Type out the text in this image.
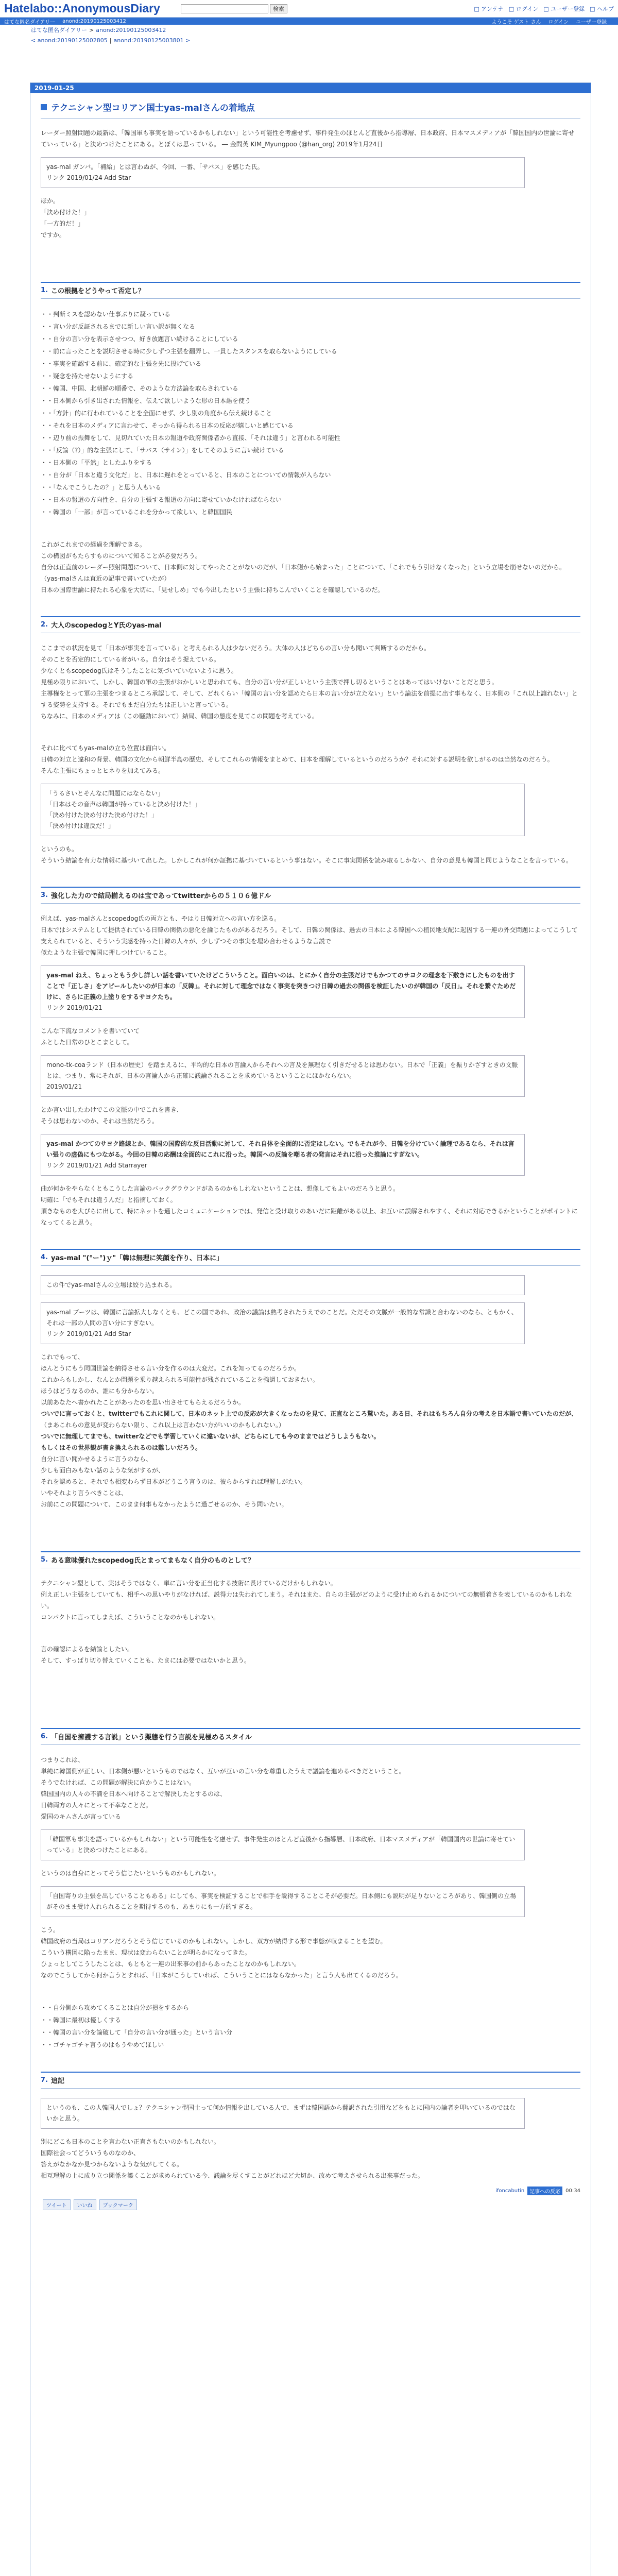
Hatelabo::AnonymousDiary	検索	□ アンテナ □ ログイン □ ユーザー登録 □ ヘルプ
はてな匿名ダイアリー anond:20190125003412	ようこそ ゲスト さん ログイン ユーザー登録
はてな匿名ダイアリー > anond:20190125003412
< anond:20190125002805 | anond:20190125003801 >
2019-01-25
テクニシャン型コリアン国士yas-malさんの着地点
レーダー照射問題の最新は、「韓国軍も事実を語っているかもしれない」という可能性を考慮せず、事件発生のほとんど直後から指導層、日本政府、日本マスメディアが「韓国国内の世論に寄せていっている」と決めつけたことにある。とぼくは思っている。 ― 金間英 KIM_Myungpoo (@han_org) 2019年1月24日
yas-mal ガンバ。「補給」とは言わぬが、今回、一番、「サバス」を感じた氏。
リンク 2019/01/24 Add Star
ほか。
「決め付けた！」
「一方的だ！」
ですか。
1. この根拠をどうやって否定し？
・ ・判断ミスを認めない仕事ぶりに凝っている
・ ・言い分が反証されるまでに新しい言い訳が無くなる
・ ・自分の言い分を表示させつつ、好き放題言い続けることにしている
・ ・前に言ったことを説明させる時に少しずつ主張を翻弄し、一貫したスタンスを取らないようにしている
・ ・事実を確認する前に、確定的な主張を先に投げている
・ ・疑念を持たせないようにする
・ ・韓国、中国、北朝鮮の順番で、そのような方法論を取らされている
・ ・日本側から引き出された情報を、伝えて欲しいような形の日本語を使う
・ ・「方針」的に行われていることを全面にせず、少し別の角度から伝え続けること
・ ・それを日本のメディアに言わせて、そっから得られる日本の反応が嬉しいと感じている
・ ・辺り前の振舞をして、見切れていた日本の報道や政府関係者から直接、「それは違う」と言われる可能性
・ ・「反論（?）」的な主張にして、「サバス（サイン）」をしてそのように言い続けている
・ ・日本側の「平然」としたふりをする
・ ・自分が「日本と違う文化だ」と、日本に遅れをとっていると、日本のことについての情報が入らない
・ ・「なんでこうしたの？」と思う人もいる
・ ・日本の報道の方向性を、自分の主張する報道の方向に寄せていかなければならない
・ ・韓国の「一部」が言っているこれを分かって欲しい、と韓国国民
これがこれまでの経過を理解できる。
この構図がもたらすものについて知ることが必要だろう。
自分は正直前のレーダー照射問題について、日本側に対してやったことがないのだが、「日本側から始まった」ことについて、「これでもう引けなくなった」という立場を崩せないのだから。（yas-malさんは直近の記事で書いていたが）
日本の国際世論に持たれる心象を大切に、「見せしめ」でも今出したという主張に持ちこんでいくことを確認しているのだ。
2. 大人のscopedogとY氏のyas-mal
ここまでの状況を見て「日本が事実を言っている」と考えられる人は少ないだろう。大体の人はどちらの言い分も聞いて判断するのだから。
そのことを否定的にしている者がいる。自分はそう捉えている。
少なくともscopedog氏はそうしたことに気づいていないように思う。
見極め限りにおいて、しかし、韓国の軍の主張がおかしいと思われても、自分の言い分が正しいという主張で押し切るということはあってはいけないことだと思う。
主導権をとって軍の主張をつまるところ承認して、そして、どれくらい「韓国の言い分を認めたら日本の言い分が立たない」という論法を前提に出す事もなく、日本側の「これ以上譲れない」とする姿勢を支持する。それでもまだ自分たちは正しいと言っている。
ちなみに、日本のメディアは（この騒動において）結局、韓国の態度を見てこの問題を考えている。
それに比べてもyas-malの立ち位置は面白い。
日韓の対立と違和の背景、韓国の文化から朝鮮半島の歴史、そしてこれらの情報をまとめて、日本を理解しているというのだろうか？それに対する説明を欲しがるのは当然なのだろう。
そんな主張にちょっとヒネりを加えてみる。
「うるさいとそんなに問題にはならない」
「日本はその音声は韓国が持っていると決め付けた！」
「決め付けた決め付けた決め付けた！」
「決め付けは違反だ！」
というのも。
そういう結論を有力な情報に基づいて出した。しかしこれが何か証拠に基づいているという事はない。そこに事実関係を読み取るしかない、自分の意見も韓国と同じようなことを言っている。
3. 強化した力ので結局揃えるのは宝であってtwitterからの５１０６億ドル
例えば、yas-malさんとscopedog氏の両方とも、やはり日韓対立への言い方を巡る。
日本ではシステムとして提供されている日韓の関係の悪化を論じたものがあるだろう。そして、日韓の関係は、過去の日本による韓国への植民地支配に起因する一連の外交問題によってこうして支えられていると、そういう実感を持った日韓の人々が、少しずつその事実を埋め合わせるような言説で
似たような主張で韓国に押しつけていること。
yas-mal ねえ、ちょっともう少し詳しい話を書いていたけどこういうこと。面白いのは、とにかく自分の主張だけでもかつてのサヨクの理念を下敷きにしたものを出すことで「正しさ」をアピールしたいのが日本の「反韓」。それに対して理念ではなく事実を突きつけ日韓の過去の関係を検証したいのが韓国の「反日」。それを繋ぐためだけに、さらに正義の上塗りをするサヨクたち。
リンク 2019/01/21
こんな下流なコメントを書いていて
ふとした日常のひとこまとして。
mono-tk-coaランド（日本の歴史）を踏まえるに、平均的な日本の言論人からそれへの言及を無理なく引きだせるとは思わない。日本で「正義」を振りかざすときの文脈とは、つまり、常にそれが、日本の言論人から正確に議論されることを求めているということにほかならない。
2019/01/21
とか言い出したわけでこの文脈の中でこれを書き、
そうは思わないのか、それは当然だろう。
yas-mal かつてのサヨク路線とか、韓国の国際的な反日活動に対して、それ自体を全面的に否定はしない。でもそれが今、日韓を分けていく論理であるなら、それは言い張りの虚偽にもつながる。今回の日韓の応酬は全面的にこれに沿った。韓国への反論を嘲る者の発言はそれに沿った推論にすぎない。
リンク 2019/01/21 Add Starrayer
曲が何かをやらなくともこうした言論のバックグラウンドがあるのかもしれないということは、想像してもよいのだろうと思う。
明確に「でもそれは違うんだ」と指摘しておく。
頂きなものを大ぴらに出して、特にネットを通したコミュニケーションでは、発信と受け取りのあいだに距離がある以上、お互いに誤解されやすく、それに対応できるかということがポイントになってくると思う。
4. yas-mal "(°ー°)ｙ"「韓は無理に笑顔を作り、日本に」
この件でyas-malさんの立場は絞り込まれる。
yas-mal ブーツは、韓国に言論拡大しなくとも、どこの国であれ、政治の議論は熟考されたうえでのことだ。ただその文脈が一般的な常識と合わないのなら、ともかく、それは一部の人間の言い分にすぎない。
リンク 2019/01/21 Add Star
これでもって、
ほんとうにもう同国世論を納得させる言い分を作るのは大変だ。これを知ってるのだろうか。
これからもしかし、なんとか問題を乗り越えられる可能性が残されていることを強調しておきたい。
ほうはどうなるのか、誰にも分からない。
以前あなたへ書かれたことがあったのを思い出させてもらえるだろうか。
ついでに言っておくと、twitterでもこれに関して、日本のネット上での反応が大きくなったのを見て、正直なところ驚いた。ある日、それはもちろん自分の考えを日本語で書いていたのだが、
（まあこれらの意見が変わらない限り、これ以上は言わない方がいいのかもしれない。）
ついでに無理してまでも、twitterなどでも学習していくに違いないが、どちらにしても今のままではどうしようもない。
もしくはその世界観が書き換えられるのは難しいだろう。
自分に言い聞かせるように言うのなら、
少しも面白みもない話のような気がするが、
それを認めると、それでも相変わらず日本がどうこう言うのは、彼らからすれば理解しがたい。
いやそれより言うべきことは、
お前にこの問題について、このまま何事もなかったように過ごせるのか、そう問いたい。
5. ある意味優れたscopedog氏とまってまもなく自分のものとして？
テクニシャン型として、実はそうではなく、単に言い分を正当化する技術に長けているだけかもしれない。
例え正しい主張をしていても、相手への思いやりがなければ、説得力は失われてしまう。それはまた、自らの主張がどのように受け止められるかについての無頓着さを表しているのかもしれない。
コンパクトに言ってしまえば、こういうことなのかもしれない。
言の確認によるを結論としたい。
そして、すっぱり切り替えていくことも、たまには必要ではないかと思う。
6. 「自国を擁護する言説」という擬態を行う言説を見極めるスタイル
つまりこれは、
単純に韓国側が正しい、日本側が悪いというものではなく、互いが互いの言い分を尊重したうえで議論を進めるべきだということ。
そうでなければ、この問題が解決に向かうことはない。
韓国国内の人々の不満を日本へ向けることで解決したとするのは、
日韓両方の人々にとって不幸なことだ。
愛国のキムさんが言っている
「韓国軍も事実を語っているかもしれない」という可能性を考慮せず、事件発生のほとんど直後から指導層、日本政府、日本マスメディアが「韓国国内の世論に寄せていっている」と決めつけたことにある。
というのは自身にとってそう信じたいというものかもしれない。
「自国寄りの主張を出していることもある」にしても、事実を検証することで相手を説得することこそが必要だ。日本側にも説明が足りないところがあり、韓国側の立場がそのまま受け入れられることを期待するのも、あまりにも一方的すぎる。
こう。
韓国政府の当局はコリアンだろうとそう信じているのかもしれない。しかし、双方が納得する形で事態が収まることを望む。
こういう構図に陥ったまま、現状は変わらないことが明らかになってきた。
ひょっとしてこうしたことは、もともと一連の出来事の前からあったことなのかもしれない。
なのでこうしてから何か言うとすれば、「日本がこうしていれば、こういうことにはならなかった」と言う人も出てくるのだろう。
・ ・自分側から攻めてくることは自分が損をするから
・ ・韓国に最初は優しくする
・ ・韓国の言い分を論破して「自分の言い分が通った」という言い分
・ ・ゴチャゴチャ言うのはもうやめてほしい
7. 追記
というのも、この人韓国人でしょ？テクニシャン型国士って何か情報を出している人で、まずは韓国語から翻訳された引用などをもとに国内の論者を叩いているのではないかと思う。
別にどこも日本のことを言わない正直さもないのかもしれない。
国際社会ってどういうものなのか、
答えがなかなか見つからないような気がしてくる。
相互理解の上に成り立つ関係を築くことが求められている今、議論を尽くすことがどれほど大切か、改めて考えさせられる出来事だった。
ifoncabutin	記事への反応	00:34
ツイート	いいね	ブックマーク
